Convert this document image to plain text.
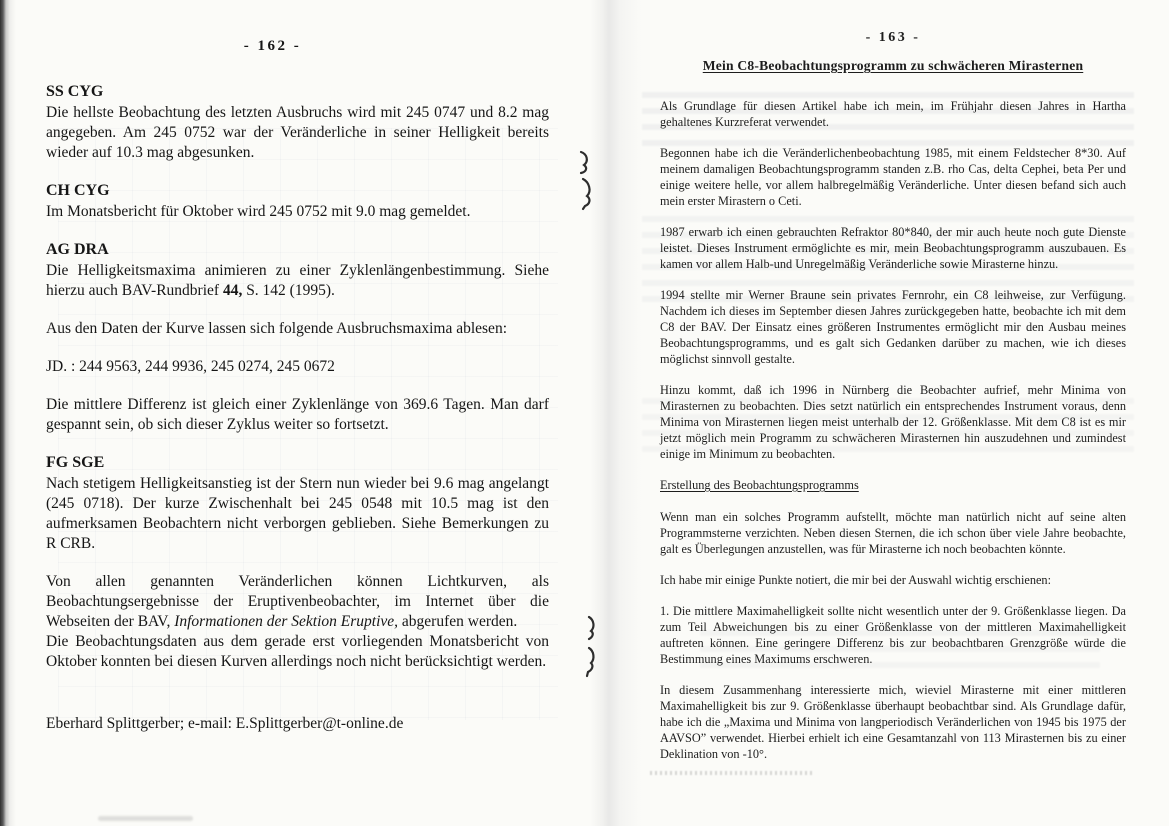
- 162 -
SS CYG

Die hellste Beobachtung des letzten Ausbruchs wird mit 245 0747 und 8.2 mag angegeben. Am 245 0752 war der Veränderliche in seiner Helligkeit bereits wieder auf 10.3 mag abgesunken.

CH CYG

Im Monatsbericht für Oktober wird 245 0752 mit 9.0 mag gemeldet.

AG DRA

Die Helligkeitsmaxima animieren zu einer Zyklenlängenbestimmung. Siehe hierzu auch BAV-Rundbrief 44, S. 142 (1995).

Aus den Daten der Kurve lassen sich folgende Ausbruchsmaxima ablesen:

JD. : 244 9563, 244 9936, 245 0274, 245 0672

Die mittlere Differenz ist gleich einer Zyklenlänge von 369.6 Tagen. Man darf gespannt sein, ob sich dieser Zyklus weiter so fortsetzt.

FG SGE

Nach stetigem Helligkeitsanstieg ist der Stern nun wieder bei 9.6 mag angelangt (245 0718). Der kurze Zwischenhalt bei 245 0548 mit 10.5 mag ist den aufmerksamen Beobachtern nicht verborgen geblieben. Siehe Bemerkungen zu R CRB.

Von allen genannten Veränderlichen können Lichtkurven, als Beobachtungsergebnisse der Eruptivenbeobachter, im Internet über die Webseiten der BAV, Informationen der Sektion Eruptive, abgerufen werden.

Die Beobachtungsdaten aus dem gerade erst vorliegenden Monatsbericht von Oktober konnten bei diesen Kurven allerdings noch nicht berücksichtigt werden.

Eberhard Splittgerber; e-mail: E.Splittgerber@t-online.de

- 163 -
Mein C8-Beobachtungsprogramm zu schwächeren Mirasternen

Als Grundlage für diesen Artikel habe ich mein, im Frühjahr diesen Jahres in Hartha gehaltenes Kurzreferat verwendet.

Begonnen habe ich die Veränderlichenbeobachtung 1985, mit einem Feldstecher 8*30. Auf meinem damaligen Beobachtungsprogramm standen z.B. rho Cas, delta Cephei, beta Per und einige weitere helle, vor allem halbregelmäßig Veränderliche. Unter diesen befand sich auch mein erster Mirastern o Ceti.

1987 erwarb ich einen gebrauchten Refraktor 80*840, der mir auch heute noch gute Dienste leistet. Dieses Instrument ermöglichte es mir, mein Beobachtungsprogramm auszubauen. Es kamen vor allem Halb-und Unregelmäßig Veränderliche sowie Mirasterne hinzu.

1994 stellte mir Werner Braune sein privates Fernrohr, ein C8 leihweise, zur Verfügung. Nachdem ich dieses im September diesen Jahres zurückgegeben hatte, beobachte ich mit dem C8 der BAV. Der Einsatz eines größeren Instrumentes ermöglicht mir den Ausbau meines Beobachtungsprogramms, und es galt sich Gedanken darüber zu machen, wie ich dieses möglichst sinnvoll gestalte.

Hinzu kommt, daß ich 1996 in Nürnberg die Beobachter aufrief, mehr Minima von Mirasternen zu beobachten. Dies setzt natürlich ein entsprechendes Instrument voraus, denn Minima von Mirasternen liegen meist unterhalb der 12. Größenklasse. Mit dem C8 ist es mir jetzt möglich mein Programm zu schwächeren Mirasternen hin auszudehnen und zumindest einige im Minimum zu beobachten.

Erstellung des Beobachtungsprogramms

Wenn man ein solches Programm aufstellt, möchte man natürlich nicht auf seine alten Programmsterne verzichten. Neben diesen Sternen, die ich schon über viele Jahre beobachte, galt es Überlegungen anzustellen, was für Mirasterne ich noch beobachten könnte.

Ich habe mir einige Punkte notiert, die mir bei der Auswahl wichtig erschienen:

1. Die mittlere Maximahelligkeit sollte nicht wesentlich unter der 9. Größenklasse liegen. Da zum Teil Abweichungen bis zu einer Größenklasse von der mittleren Maximahelligkeit auftreten können. Eine geringere Differenz bis zur beobachtbaren Grenzgröße würde die Bestimmung eines Maximums erschweren.

In diesem Zusammenhang interessierte mich, wieviel Mirasterne mit einer mittleren Maximahelligkeit bis zur 9. Größenklasse überhaupt beobachtbar sind. Als Grundlage dafür, habe ich die „Maxima und Minima von langperiodisch Veränderlichen von 1945 bis 1975 der AAVSO” verwendet. Hierbei erhielt ich eine Gesamtanzahl von 113 Mirasternen bis zu einer Deklination von -10°.
